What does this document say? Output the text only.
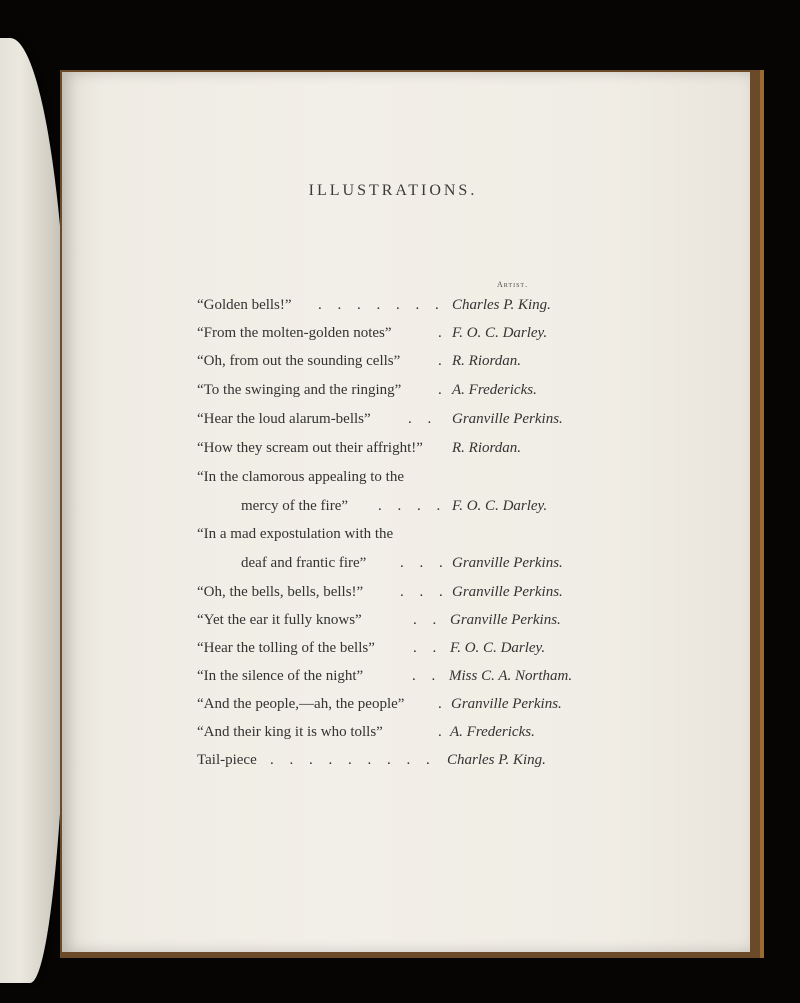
ILLUSTRATIONS.
Artist.
“Golden bells!” . . . . . . . Charles P. King.
“From the molten-golden notes”	. F. O. C. Darley.
“Oh, from out the sounding cells”	. R. Riordan.
“To the swinging and the ringing” . A. Fredericks.
“Hear the loud alarum-bells” . . Granville Perkins.
“How they scream out their affright!” R. Riordan.
“In the clamorous appealing to the
mercy of the fire” . . . . F. O. C. Darley.
“In a mad expostulation with the
deaf and frantic fire” . . . Granville Perkins.
“Oh, the bells, bells, bells!” . . . Granville Perkins.
“Yet the ear it fully knows”	. . Granville Perkins.
“Hear the tolling of the bells”	. . F. O. C. Darley.
“In the silence of the night”	. . Miss C. A. Northam.
“And the people,—ah, the people” . Granville Perkins.
“And their king it is who tolls”	. A. Fredericks.
Tail-piece . . . . . . . . . Charles P. King.
